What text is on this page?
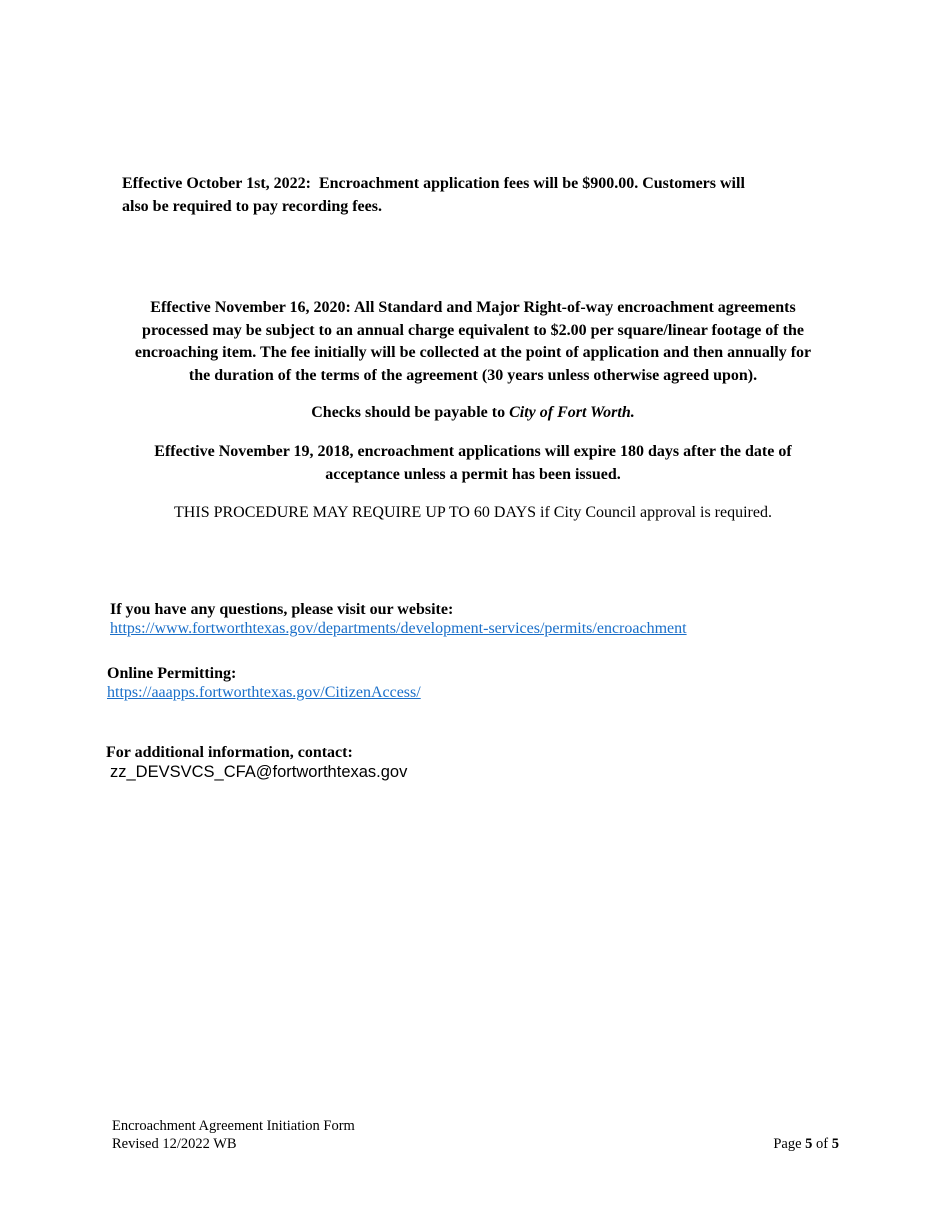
Effective October 1st, 2022:  Encroachment application fees will be $900.00. Customers will
also be required to pay recording fees.
Effective November 16, 2020: All Standard and Major Right-of-way encroachment agreements
processed may be subject to an annual charge equivalent to $2.00 per square/linear footage of the
encroaching item. The fee initially will be collected at the point of application and then annually for
the duration of the terms of the agreement (30 years unless otherwise agreed upon).
Checks should be payable to City of Fort Worth.
Effective November 19, 2018, encroachment applications will expire 180 days after the date of
acceptance unless a permit has been issued.
THIS PROCEDURE MAY REQUIRE UP TO 60 DAYS if City Council approval is required.
If you have any questions, please visit our website:
https://www.fortworthtexas.gov/departments/development-services/permits/encroachment
Online Permitting:
https://aaapps.fortworthtexas.gov/CitizenAccess/
For additional information, contact:
zz_DEVSVCS_CFA@fortworthtexas.gov
Encroachment Agreement Initiation Form
Revised 12/2022 WB	Page 5 of 5
